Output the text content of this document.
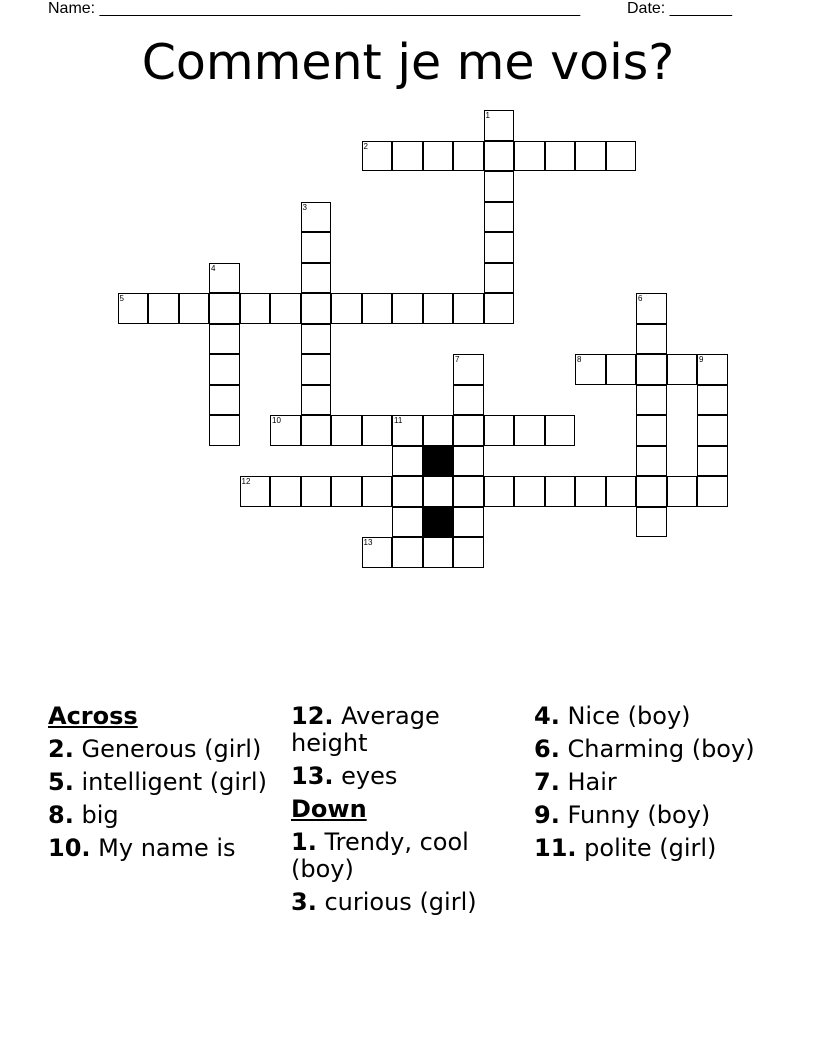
Name: ______________________________________________________	Date: _______
Comment je me vois?
1
2
3
4
5	6
7	8	9
10	11
12
13
Across
2. Generous (girl)
5. intelligent (girl)
8. big
10. My name is
12. Average height
13. eyes
Down
1. Trendy, cool (boy)
3. curious (girl)
4. Nice (boy)
6. Charming (boy)
7. Hair
9. Funny (boy)
11. polite (girl)
